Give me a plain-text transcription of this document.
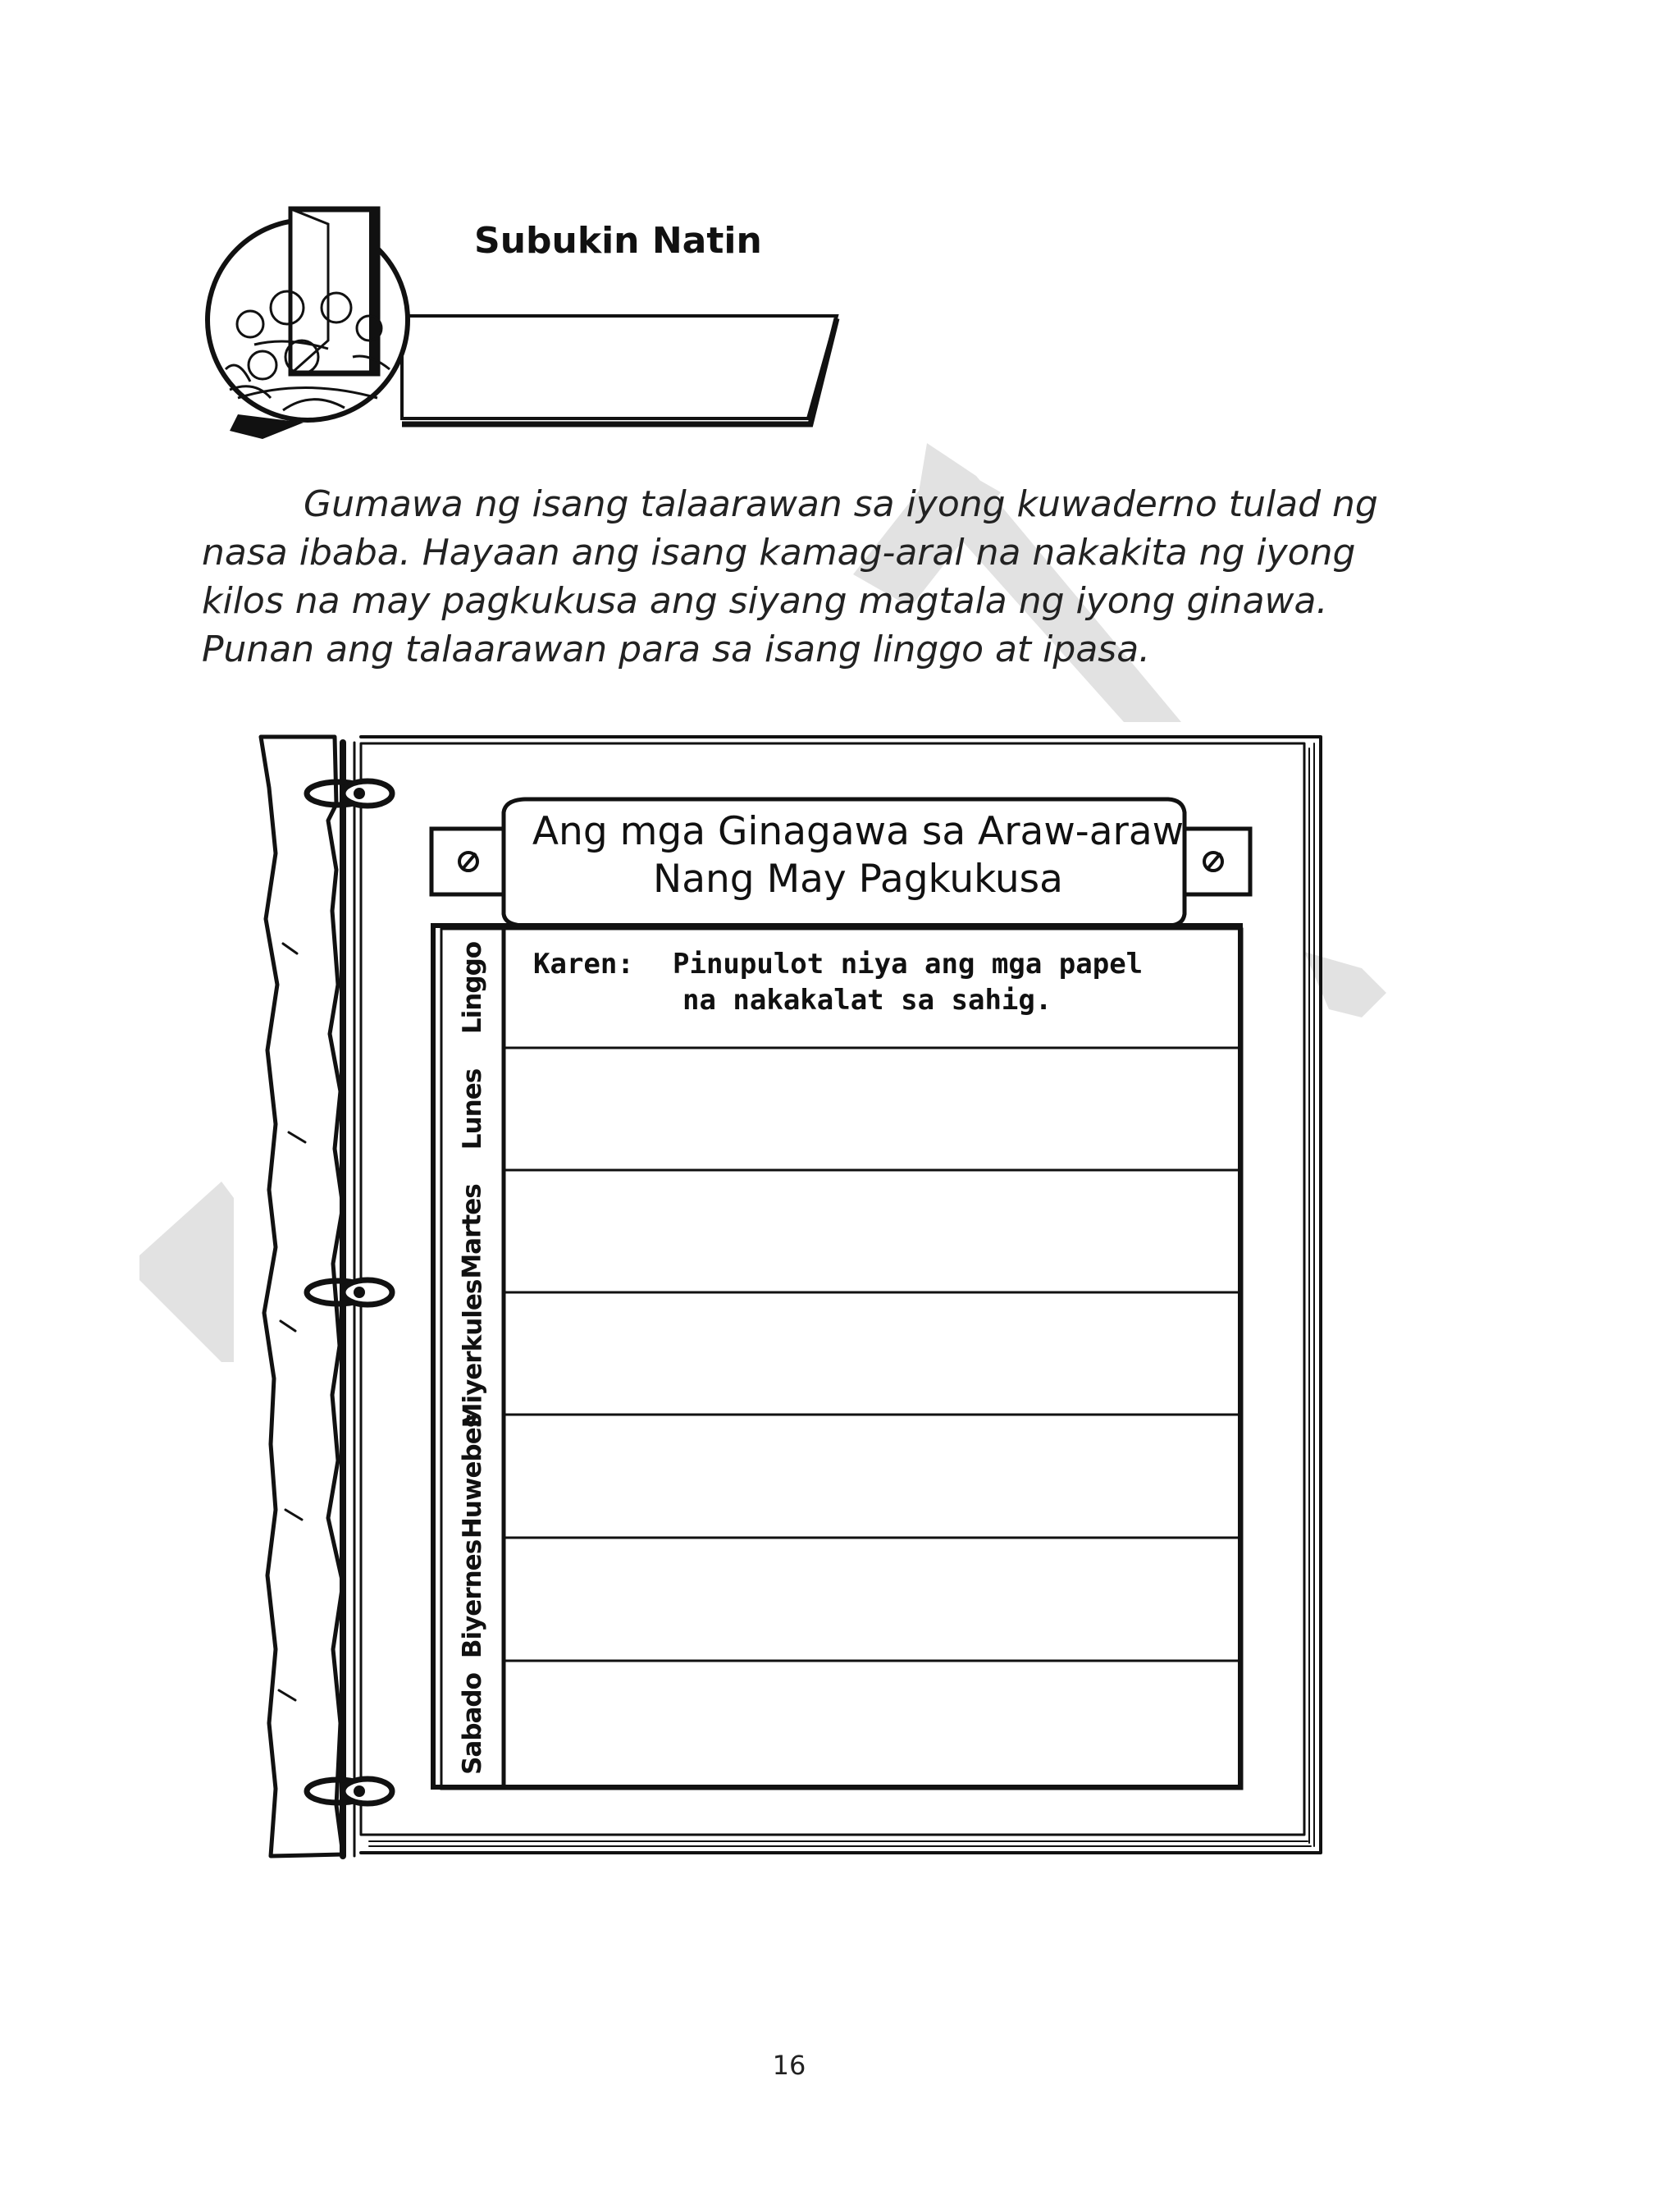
Subukin Natin

Gumawa ng isang talaarawan sa iyong kuwaderno tulad ng nasa ibaba. Hayaan ang isang kamag-aral na nakakita ng iyong kilos na may pagkukusa ang siyang magtala ng iyong ginawa. Punan ang talaarawan para sa isang linggo at ipasa.

Ang mga Ginagawa sa Araw-araw
Nang May Pagkukusa
Linggo
Lunes
Martes
Miyerkules
Huwebes
Biyernes
Sabado
Karen: Pinupulot niya ang mga papel
na nakakalat sa sahig.
16
